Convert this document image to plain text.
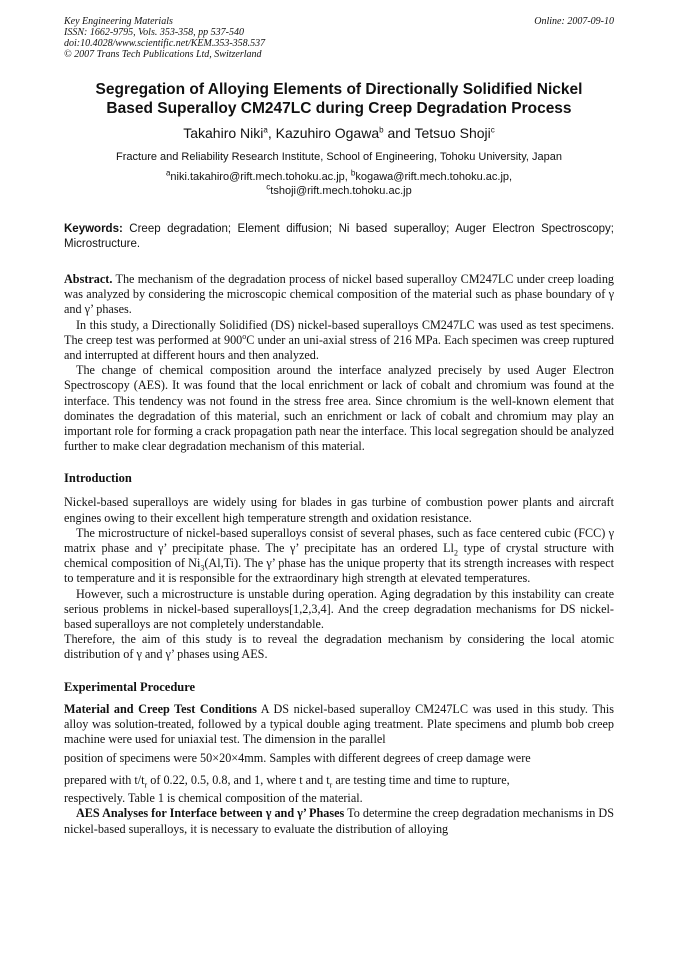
Key Engineering Materials	Online: 2007-09-10
ISSN: 1662-9795, Vols. 353-358, pp 537-540
doi:10.4028/www.scientific.net/KEM.353-358.537
© 2007 Trans Tech Publications Ltd, Switzerland
Segregation of Alloying Elements of Directionally Solidified Nickel
Based Superalloy CM247LC during Creep Degradation Process
Takahiro Niki$^a$, Kazuhiro Ogawa$^b$ and Tetsuo Shoji$^c$
Fracture and Reliability Research Institute, School of Engineering, Tohoku University, Japan
$^a$niki.takahiro@rift.mech.tohoku.ac.jp, $^b$kogawa@rift.mech.tohoku.ac.jp,
$^c$tshoji@rift.mech.tohoku.ac.jp
Keywords: Creep degradation; Element diffusion; Ni based superalloy; Auger Electron Spectroscopy; Microstructure.

Abstract. The mechanism of the degradation process of nickel based superalloy CM247LC under creep loading was analyzed by considering the microscopic chemical composition of the material such as phase boundary of γ and γ’ phases.

In this study, a Directionally Solidified (DS) nickel-based superalloys CM247LC was used as test specimens. The creep test was performed at 900$^o$C under an uni-axial stress of 216 MPa. Each specimen was creep ruptured and interrupted at different hours and then analyzed.

The change of chemical composition around the interface analyzed precisely by used Auger Electron Spectroscopy (AES). It was found that the local enrichment or lack of cobalt and chromium was found at the interface. This tendency was not found in the stress free area. Since chromium is the well-known element that dominates the degradation of this material, such an enrichment or lack of cobalt and chromium may play an important role for forming a crack propagation path near the interface. This local segregation should be analyzed further to make clear degradation mechanism of this material.

Introduction

Nickel-based superalloys are widely using for blades in gas turbine of combustion power plants and aircraft engines owing to their excellent high temperature strength and oxidation resistance.

The microstructure of nickel-based superalloys consist of several phases, such as face centered cubic (FCC) γ matrix phase and γ’ precipitate phase. The γ’ precipitate has an ordered $Ll_2$ type of crystal structure with chemical composition of $Ni_3(Al,Ti)$. The γ’ phase has the unique property that its strength increases with respect to temperature and it is responsible for the extraordinary high strength at elevated temperatures.

However, such a microstructure is unstable during operation. Aging degradation by this instability can create serious problems in nickel-based superalloys[1,2,3,4]. And the creep degradation mechanisms for DS nickel-based superalloys are not completely understandable.

Therefore, the aim of this study is to reveal the degradation mechanism by considering the local atomic distribution of γ and γ’ phases using AES.

Experimental Procedure

Material and Creep Test Conditions A DS nickel-based superalloy CM247LC was used in this study. This alloy was solution-treated, followed by a typical double aging treatment. Plate specimens and plumb bob creep machine were used for uniaxial test. The dimension in the parallel

position of specimens were 50×20×4mm. Samples with different degrees of creep damage were
prepared with $t/t_r$ of 0.22, 0.5, 0.8, and 1, where t and $t_r$ are testing time and time to rupture,
respectively. Table 1 is chemical composition of the material.

AES Analyses for Interface between γ and γ’ Phases To determine the creep degradation mechanisms in DS nickel-based superalloys, it is necessary to evaluate the distribution of alloying
